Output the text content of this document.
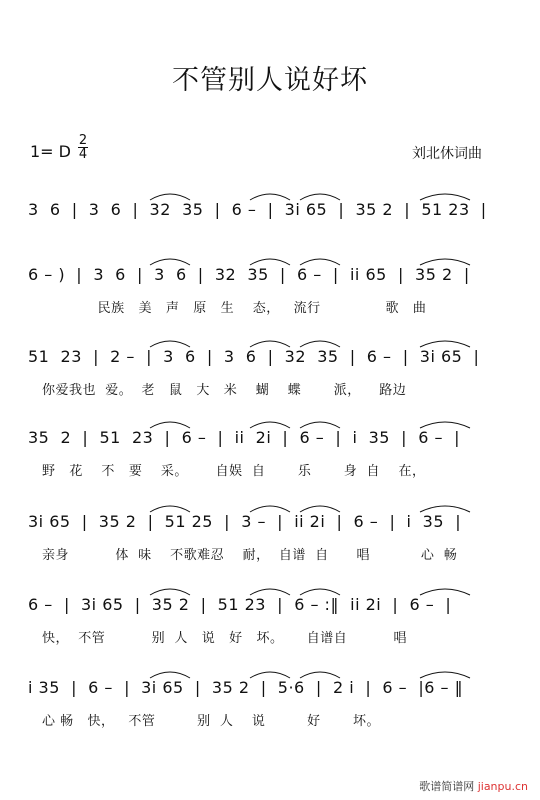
不管别人说好坏
1= D
2
4	刘北休词曲
3  6  |  3  6  |  32  35  |  6 –  |  3i 65  |  35 2  |  51 23  |
6 – )  |  3  6  |  3  6  |  32  35  |  6 –  |  ii 65  |  35 2  |
民族   美   声   原   生    态，   流行              歌   曲
51  23  |  2 –  |  3  6  |  3  6  |  32  35  |  6 –  |  3i 65  |
你爱我也  爱。  老   鼠   大   米    蝴    蝶       派，    路边
35  2  |  51  23  |  6 –  |  ii  2i  |  6 –  |  i  35  |  6 –  |
野   花    不   要    采。      自娱  自       乐       身  自    在，
3i 65  |  35 2  |  51 25  |  3 –  |  ii 2i  |  6 –  |  i  35  |
亲身          体  味    不歌难忍    耐，  自谱  自      唱           心  畅
6 –  |  3i 65  |  35 2  |  51 23  |  6 – :‖  ii 2i  |  6 –  |
快，  不管          别  人   说   好   坏。     自谱自          唱
i 35  |  6 –  |  3i 65  |  35 2  |  5·6  |  2 i  |  6 –  |6 – ‖
心 畅   快，   不管         别  人    说         好       坏。
歌谱简谱网 jianpu.cn
